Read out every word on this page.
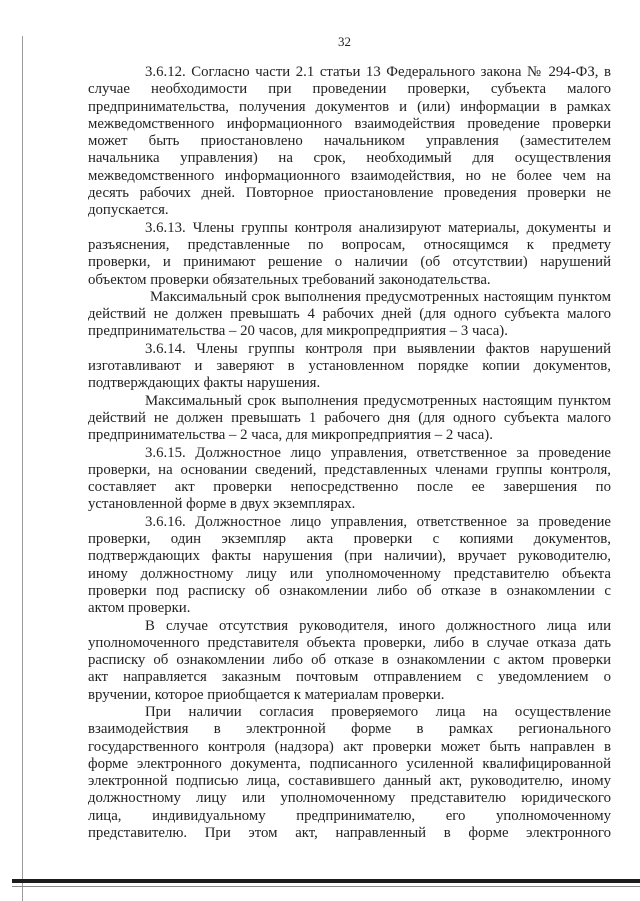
32
3.6.12. Согласно части 2.1 статьи 13 Федерального закона № 294-ФЗ, в
случае необходимости при проведении проверки, субъекта малого
предпринимательства, получения документов и (или) информации в рамках
межведомственного информационного взаимодействия проведение проверки
может быть приостановлено начальником управления (заместителем
начальника управления) на срок, необходимый для осуществления
межведомственного информационного взаимодействия, но не более чем на
десять рабочих дней. Повторное приостановление проведения проверки не
допускается.
3.6.13. Члены группы контроля анализируют материалы, документы и
разъяснения, представленные по вопросам, относящимся к предмету
проверки, и принимают решение о наличии (об отсутствии) нарушений
объектом проверки обязательных требований законодательства.
Максимальный срок выполнения предусмотренных настоящим пунктом
действий не должен превышать 4 рабочих дней (для одного субъекта малого
предпринимательства – 20 часов, для микропредприятия – 3 часа).
3.6.14. Члены группы контроля при выявлении фактов нарушений
изготавливают и заверяют в установленном порядке копии документов,
подтверждающих факты нарушения.
Максимальный срок выполнения предусмотренных настоящим пунктом
действий не должен превышать 1 рабочего дня (для одного субъекта малого
предпринимательства – 2 часа, для микропредприятия – 2 часа).
3.6.15. Должностное лицо управления, ответственное за проведение
проверки, на основании сведений, представленных членами группы контроля,
составляет акт проверки непосредственно после ее завершения по
установленной форме в двух экземплярах.
3.6.16. Должностное лицо управления, ответственное за проведение
проверки, один экземпляр акта проверки с копиями документов,
подтверждающих факты нарушения (при наличии), вручает руководителю,
иному должностному лицу или уполномоченному представителю объекта
проверки под расписку об ознакомлении либо об отказе в ознакомлении с
актом проверки.
В случае отсутствия руководителя, иного должностного лица или
уполномоченного представителя объекта проверки, либо в случае отказа дать
расписку об ознакомлении либо об отказе в ознакомлении с актом проверки
акт направляется заказным почтовым отправлением с уведомлением о
вручении, которое приобщается к материалам проверки.
При наличии согласия проверяемого лица на осуществление
взаимодействия в электронной форме в рамках регионального
государственного контроля (надзора) акт проверки может быть направлен в
форме электронного документа, подписанного усиленной квалифицированной
электронной подписью лица, составившего данный акт, руководителю, иному
должностному лицу или уполномоченному представителю юридического
лица, индивидуальному предпринимателю, его уполномоченному
представителю. При этом акт, направленный в форме электронного
